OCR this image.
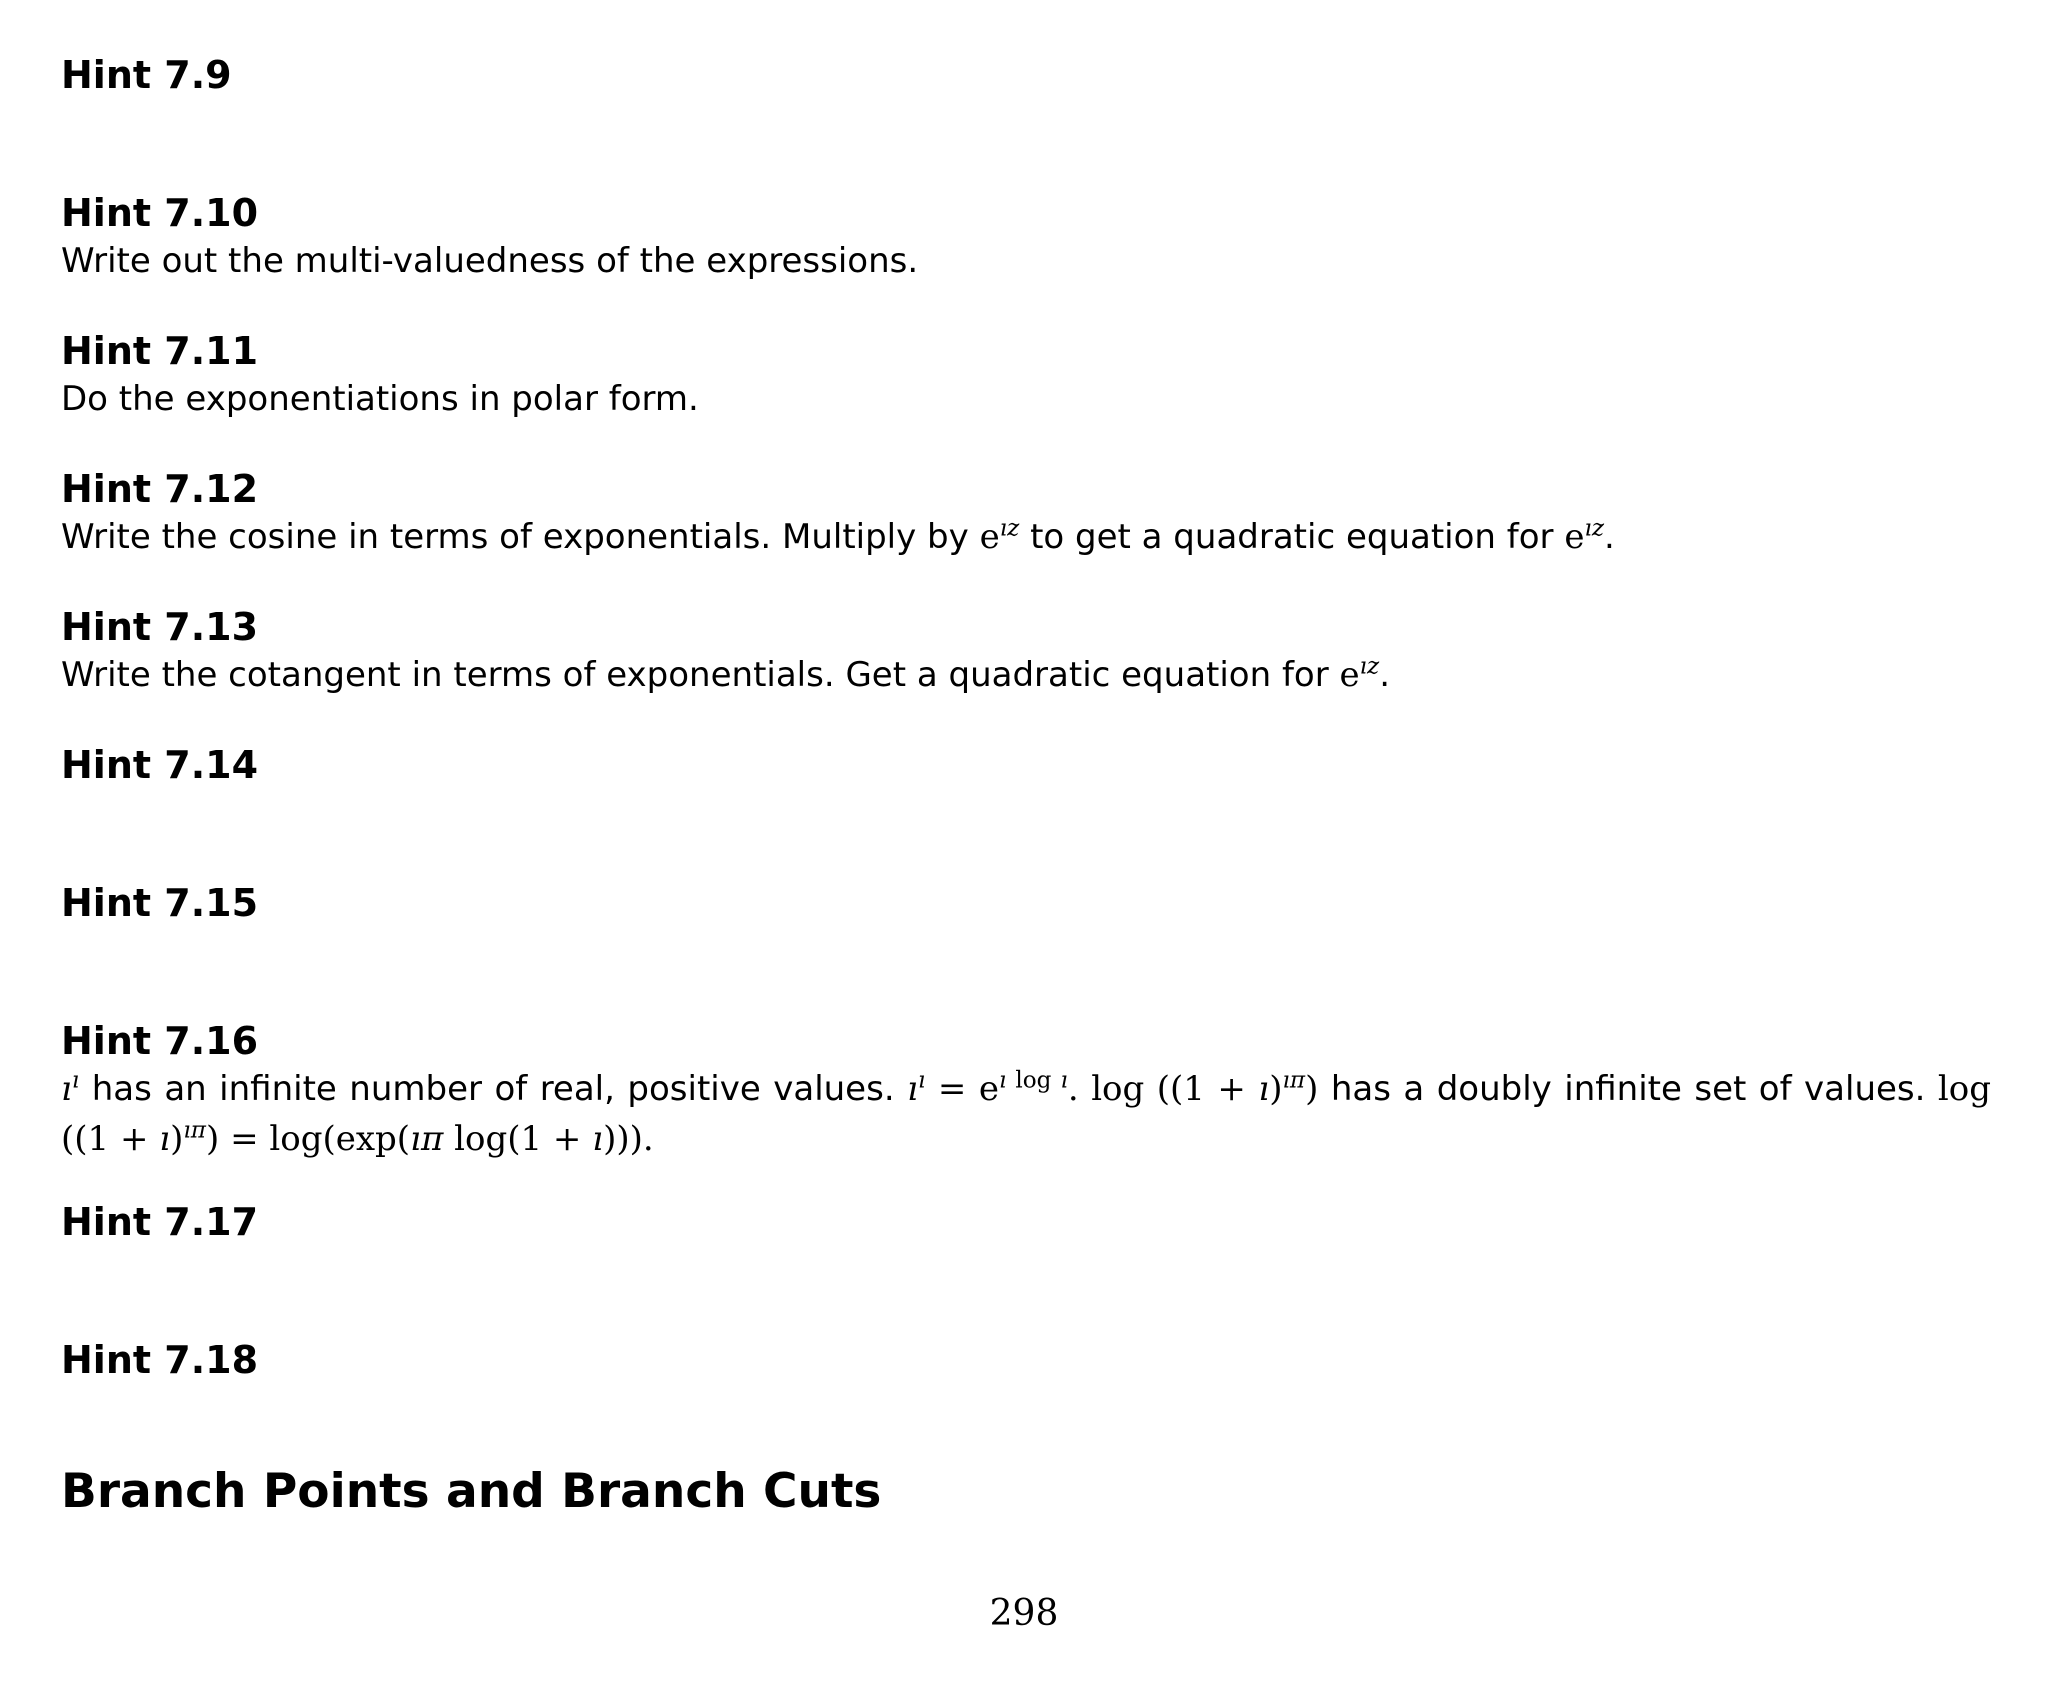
Hint 7.9
Hint 7.10
Write out the multi-valuedness of the expressions.
Hint 7.11
Do the exponentiations in polar form.
Hint 7.12
Write the cosine in terms of exponentials. Multiply by $e^{ız}$ to get a quadratic equation for $e^{ız}$.
Hint 7.13
Write the cotangent in terms of exponentials. Get a quadratic equation for $e^{ız}$.
Hint 7.14
Hint 7.15
Hint 7.16
$ı^ı$ has an infinite number of real, positive values. $ı^ı = e^{ı log ı}$. log ((1 + ı)$^{ı\pi}$) has a doubly infinite set of values. log ((1 + ı)$^{ı\pi}$) = log(exp(ıπ log(1 + ı))).
Hint 7.17
Hint 7.18
Branch Points and Branch Cuts
298
